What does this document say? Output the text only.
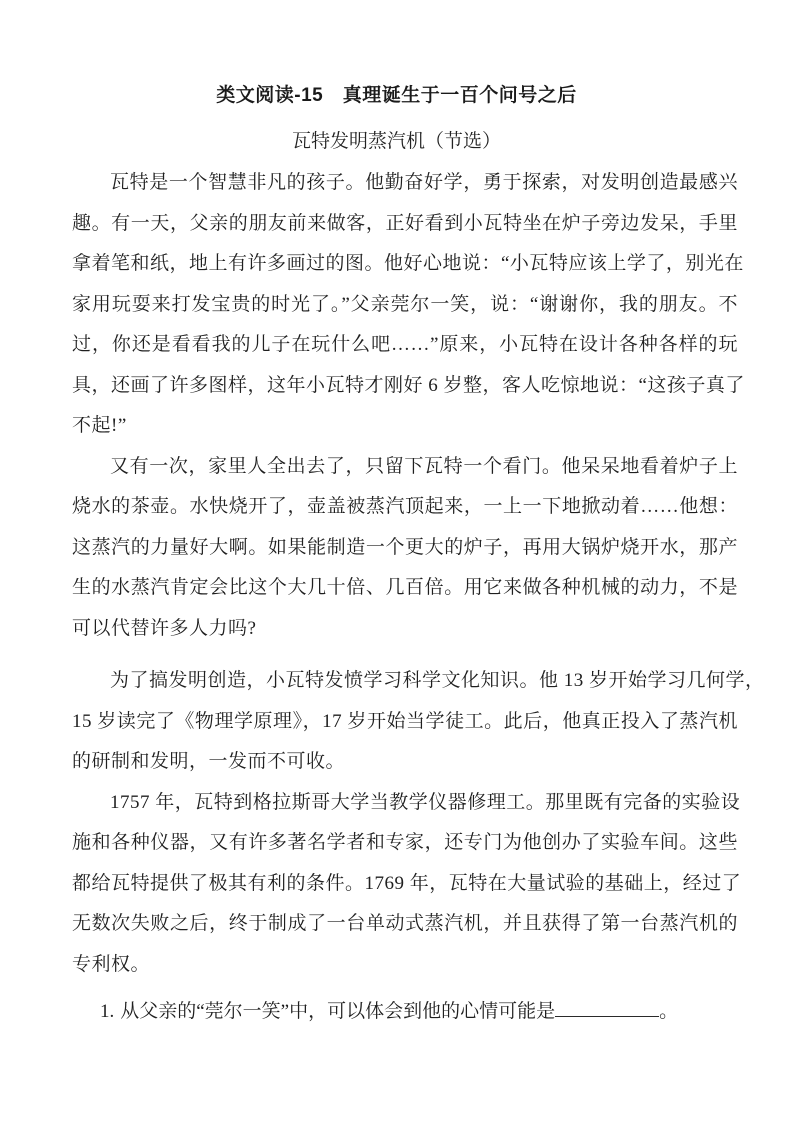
类文阅读-15　真理诞生于一百个问号之后
瓦特发明蒸汽机（节选）
瓦特是一个智慧非凡的孩子。他勤奋好学，勇于探索，对发明创造最感兴
趣。有一天，父亲的朋友前来做客，正好看到小瓦特坐在炉子旁边发呆，手里
拿着笔和纸，地上有许多画过的图。他好心地说：“小瓦特应该上学了，别光在
家用玩耍来打发宝贵的时光了。”父亲莞尔一笑，说：“谢谢你，我的朋友。不
过，你还是看看我的儿子在玩什么吧……”原来，小瓦特在设计各种各样的玩
具，还画了许多图样，这年小瓦特才刚好 6 岁整，客人吃惊地说：“这孩子真了
不起!”
又有一次，家里人全出去了，只留下瓦特一个看门。他呆呆地看着炉子上
烧水的茶壶。水快烧开了，壶盖被蒸汽顶起来，一上一下地掀动着……他想：
这蒸汽的力量好大啊。如果能制造一个更大的炉子，再用大锅炉烧开水，那产
生的水蒸汽肯定会比这个大几十倍、几百倍。用它来做各种机械的动力，不是
可以代替许多人力吗?
为了搞发明创造，小瓦特发愤学习科学文化知识。他 13 岁开始学习几何学，
15 岁读完了《物理学原理》，17 岁开始当学徒工。此后，他真正投入了蒸汽机
的研制和发明，一发而不可收。
1757 年，瓦特到格拉斯哥大学当教学仪器修理工。那里既有完备的实验设
施和各种仪器，又有许多著名学者和专家，还专门为他创办了实验车间。这些
都给瓦特提供了极其有利的条件。1769 年，瓦特在大量试验的基础上，经过了
无数次失败之后，终于制成了一台单动式蒸汽机，并且获得了第一台蒸汽机的
专利权。
1. 从父亲的“莞尔一笑”中，可以体会到他的心情可能是	。
